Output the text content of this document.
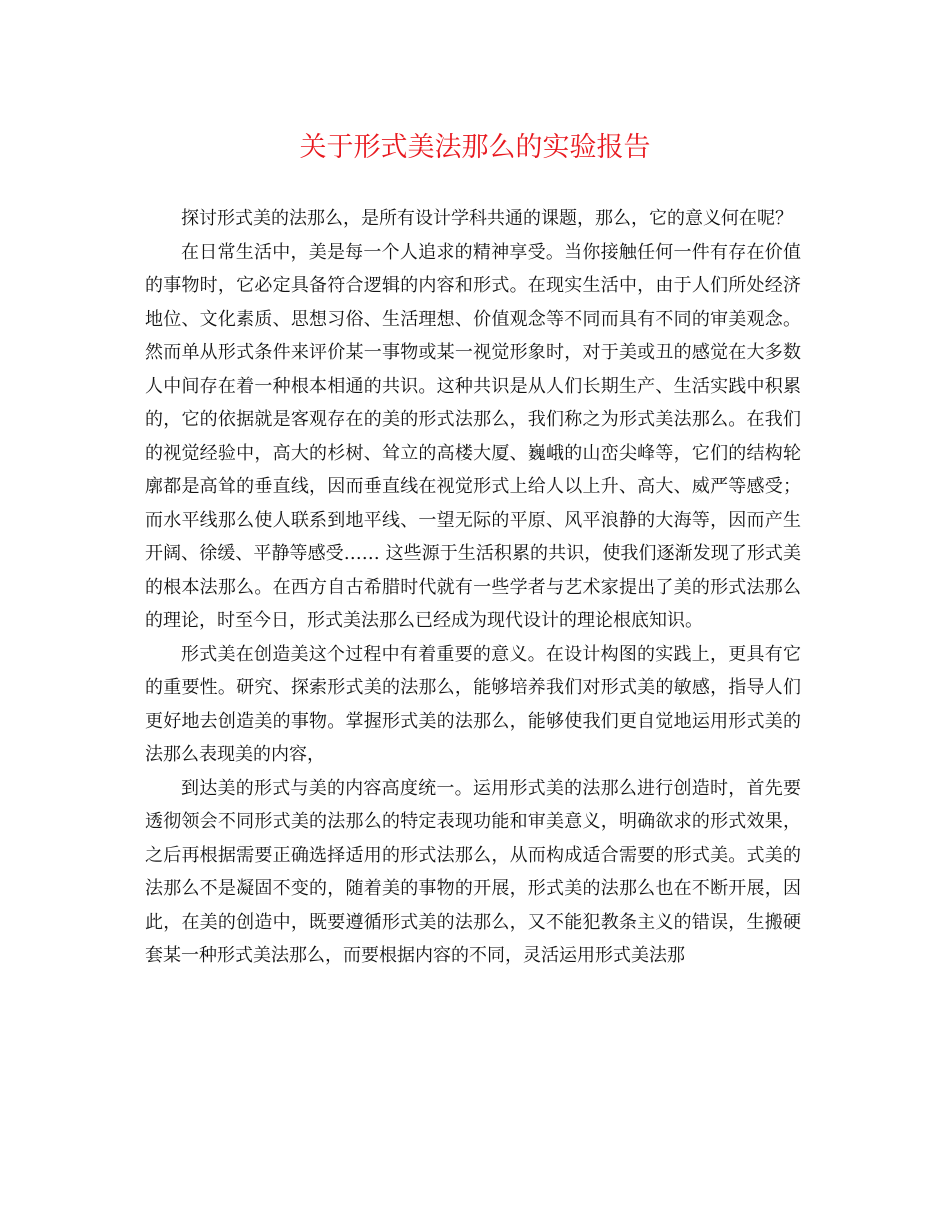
关于形式美法那么的实验报告

探讨形式美的法那么，是所有设计学科共通的课题，那么，它的意义何在呢？

在日常生活中，美是每一个人追求的精神享受。当你接触任何一件有存在价值的事物时，它必定具备符合逻辑的内容和形式。在现实生活中，由于人们所处经济地位、文化素质、思想习俗、生活理想、价值观念等不同而具有不同的审美观念。然而单从形式条件来评价某一事物或某一视觉形象时，对于美或丑的感觉在大多数人中间存在着一种根本相通的共识。这种共识是从人们长期生产、生活实践中积累的，它的依据就是客观存在的美的形式法那么，我们称之为形式美法那么。在我们的视觉经验中，高大的杉树、耸立的高楼大厦、巍峨的山峦尖峰等，它们的结构轮廓都是高耸的垂直线，因而垂直线在视觉形式上给人以上升、高大、威严等感受；而水平线那么使人联系到地平线、一望无际的平原、风平浪静的大海等，因而产生开阔、徐缓、平静等感受…… 这些源于生活积累的共识，使我们逐渐发现了形式美的根本法那么。在西方自古希腊时代就有一些学者与艺术家提出了美的形式法那么的理论，时至今日，形式美法那么已经成为现代设计的理论根底知识。

形式美在创造美这个过程中有着重要的意义。在设计构图的实践上，更具有它的重要性。研究、探索形式美的法那么，能够培养我们对形式美的敏感，指导人们更好地去创造美的事物。掌握形式美的法那么，能够使我们更自觉地运用形式美的法那么表现美的内容，

到达美的形式与美的内容高度统一。运用形式美的法那么进行创造时，首先要透彻领会不同形式美的法那么的特定表现功能和审美意义，明确欲求的形式效果，之后再根据需要正确选择适用的形式法那么，从而构成适合需要的形式美。式美的法那么不是凝固不变的，随着美的事物的开展，形式美的法那么也在不断开展，因此，在美的创造中，既要遵循形式美的法那么，又不能犯教条主义的错误，生搬硬套某一种形式美法那么，而要根据内容的不同，灵活运用形式美法那
